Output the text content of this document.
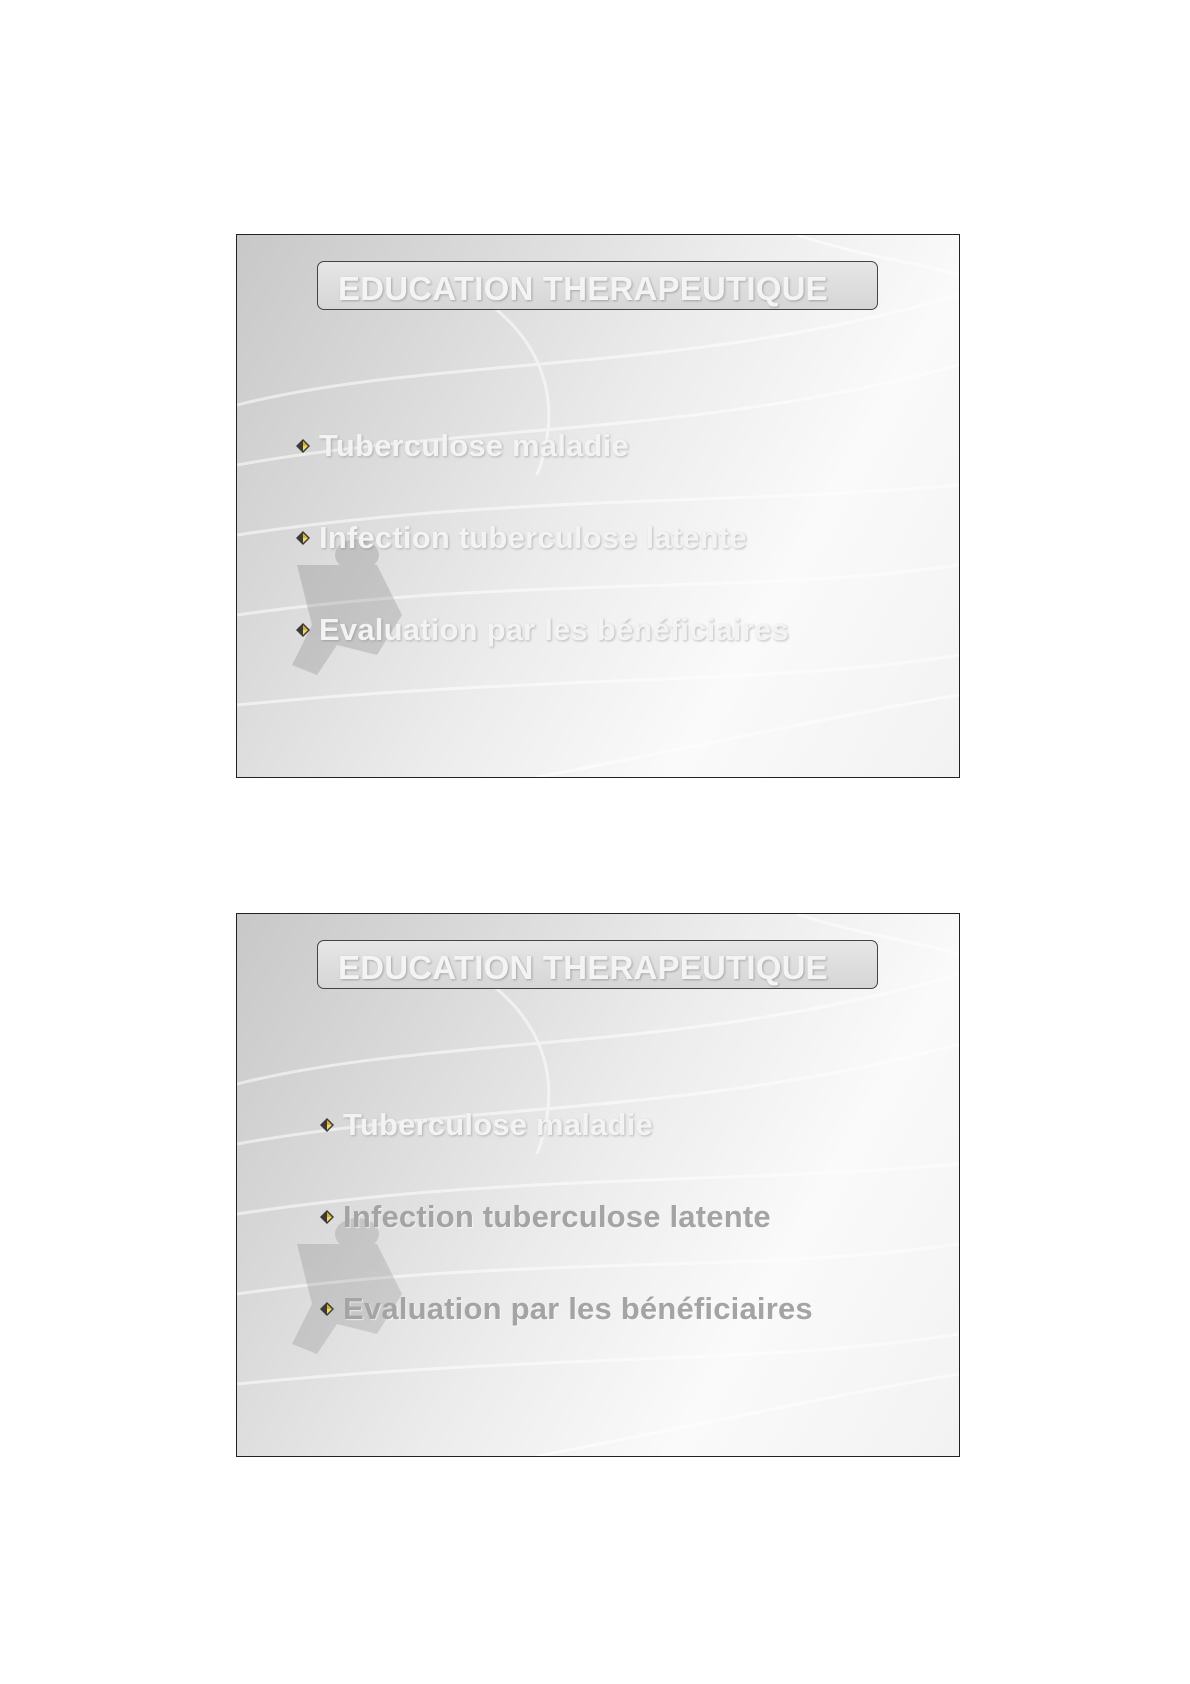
EDUCATION THERAPEUTIQUE
Tuberculose maladie
Infection tuberculose latente
Evaluation par les bénéficiaires
EDUCATION THERAPEUTIQUE
Tuberculose maladie
Infection tuberculose latente
Evaluation par les bénéficiaires
